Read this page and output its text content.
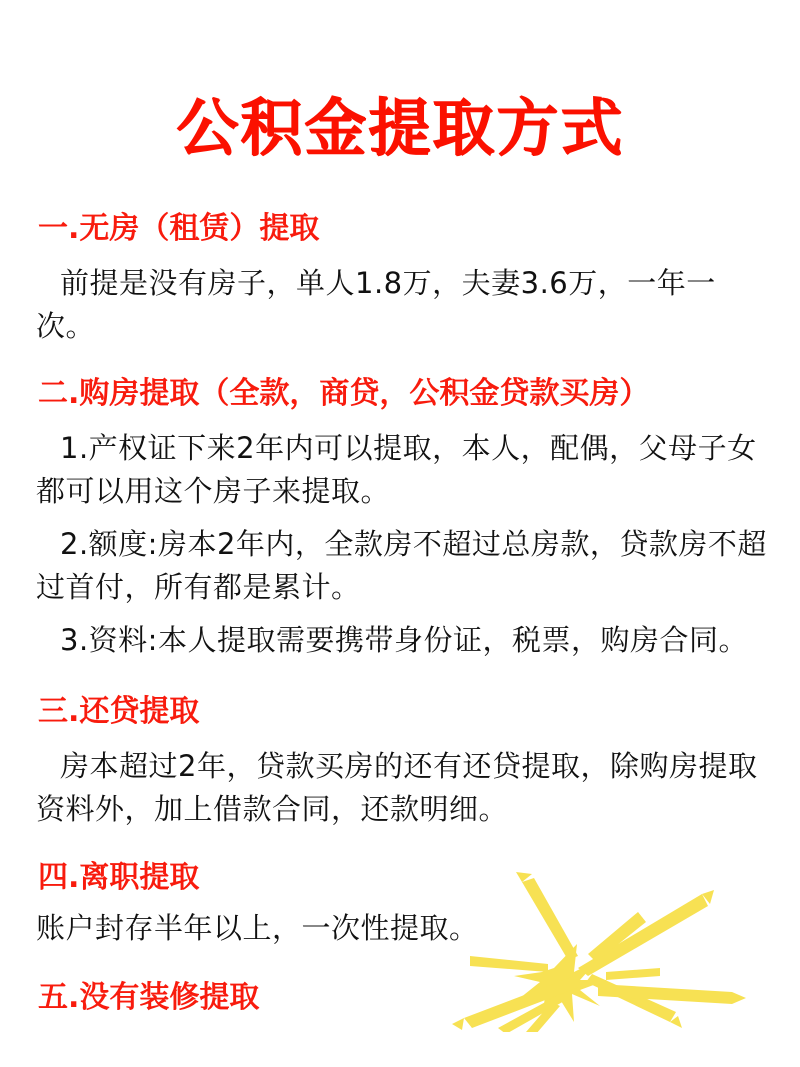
公积金提取方式
一.无房（租赁）提取

前提是没有房子，单人1.8万，夫妻3.6万，一年一次。

二.购房提取（全款，商贷，公积金贷款买房）

1.产权证下来2年内可以提取，本人，配偶，父母子女都可以用这个房子来提取。

2.额度:房本2年内，全款房不超过总房款，贷款房不超过首付，所有都是累计。

3.资料:本人提取需要携带身份证，税票，购房合同。

三.还贷提取

房本超过2年，贷款买房的还有还贷提取，除购房提取资料外，加上借款合同，还款明细。

四.离职提取

账户封存半年以上，一次性提取。

五.没有装修提取
